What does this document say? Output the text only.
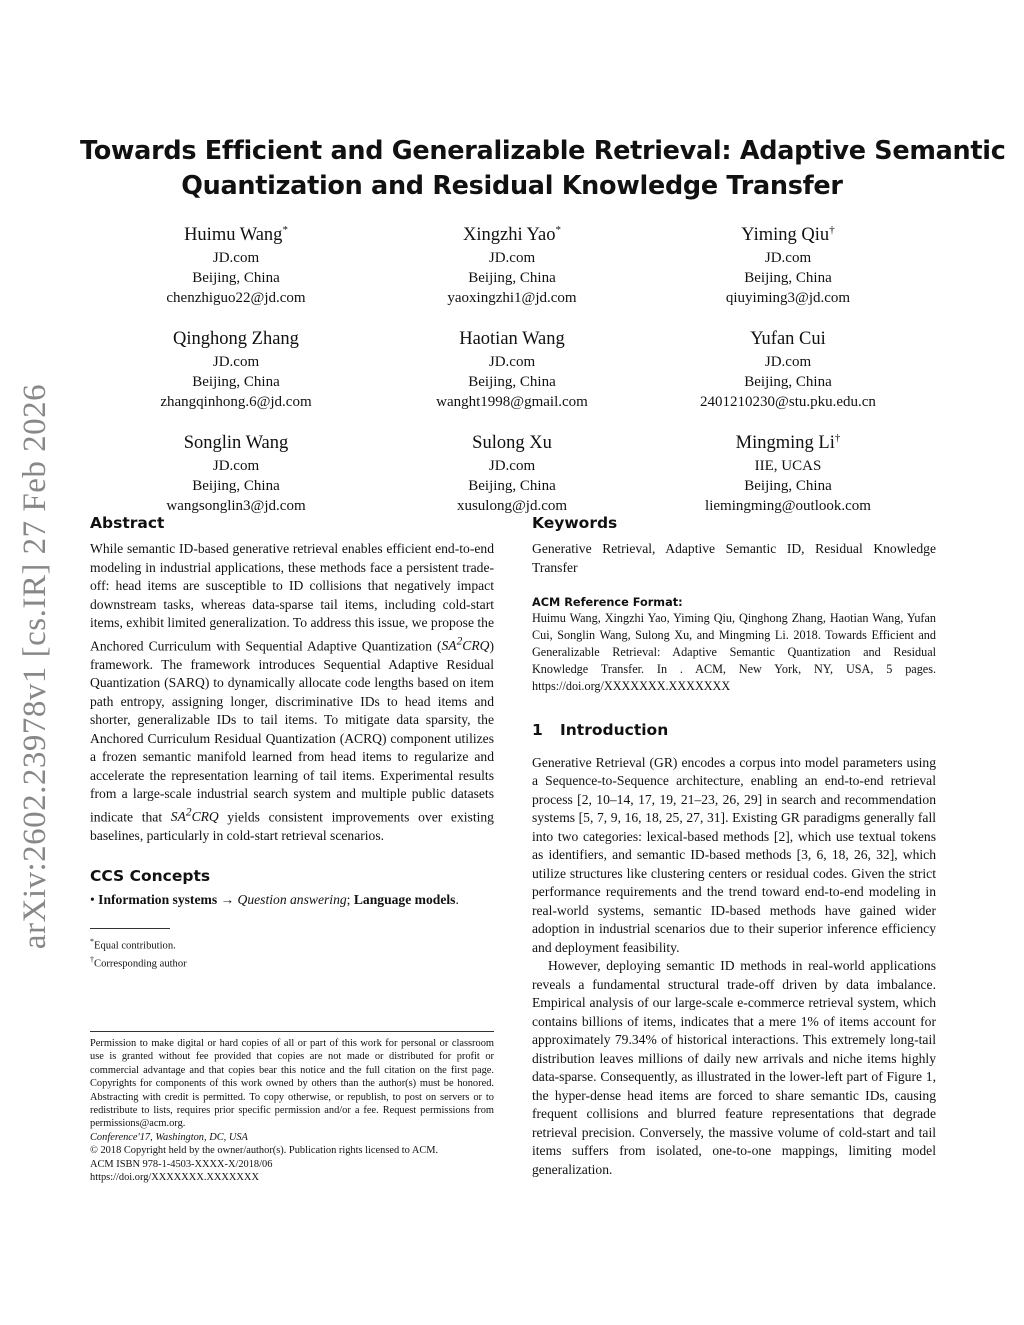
arXiv:2602.23978v1 [cs.IR] 27 Feb 2026
Towards Efficient and Generalizable Retrieval: Adaptive Semantic
Quantization and Residual Knowledge Transfer
Huimu Wang*
JD.com
Beijing, China
chenzhiguo22@jd.com
Xingzhi Yao*
JD.com
Beijing, China
yaoxingzhi1@jd.com
Yiming Qiu†
JD.com
Beijing, China
qiuyiming3@jd.com
Qinghong Zhang
JD.com
Beijing, China
zhangqinhong.6@jd.com
Haotian Wang
JD.com
Beijing, China
wanght1998@gmail.com
Yufan Cui
JD.com
Beijing, China
2401210230@stu.pku.edu.cn
Songlin Wang
JD.com
Beijing, China
wangsonglin3@jd.com
Sulong Xu
JD.com
Beijing, China
xusulong@jd.com
Mingming Li†
IIE, UCAS
Beijing, China
liemingming@outlook.com
Abstract

While semantic ID-based generative retrieval enables efficient end-to-end modeling in industrial applications, these methods face a persistent trade-off: head items are susceptible to ID collisions that negatively impact downstream tasks, whereas data-sparse tail items, including cold-start items, exhibit limited generalization. To address this issue, we propose the Anchored Curriculum with Sequential Adaptive Quantization $(SA^2CRQ)$ framework. The framework introduces Sequential Adaptive Residual Quantization (SARQ) to dynamically allocate code lengths based on item path entropy, assigning longer, discriminative IDs to head items and shorter, generalizable IDs to tail items. To mitigate data sparsity, the Anchored Curriculum Residual Quantization (ACRQ) component utilizes a frozen semantic manifold learned from head items to regularize and accelerate the representation learning of tail items. Experimental results from a large-scale industrial search system and multiple public datasets indicate that $SA^2CRQ$ yields consistent improvements over existing baselines, particularly in cold-start retrieval scenarios.

CCS Concepts
• Information systems → Question answering; Language models.
*Equal contribution.
†Corresponding author

Permission to make digital or hard copies of all or part of this work for personal or classroom use is granted without fee provided that copies are not made or distributed for profit or commercial advantage and that copies bear this notice and the full citation on the first page. Copyrights for components of this work owned by others than the author(s) must be honored. Abstracting with credit is permitted. To copy otherwise, or republish, to post on servers or to redistribute to lists, requires prior specific permission and/or a fee. Request permissions from permissions@acm.org.

Conference'17, Washington, DC, USA

© 2018 Copyright held by the owner/author(s). Publication rights licensed to ACM.

ACM ISBN 978-1-4503-XXXX-X/2018/06

https://doi.org/XXXXXXX.XXXXXXX

Keywords

Generative Retrieval, Adaptive Semantic ID, Residual Knowledge Transfer

ACM Reference Format:

Huimu Wang, Xingzhi Yao, Yiming Qiu, Qinghong Zhang, Haotian Wang, Yufan Cui, Songlin Wang, Sulong Xu, and Mingming Li. 2018. Towards Efficient and Generalizable Retrieval: Adaptive Semantic Quantization and Residual Knowledge Transfer. In . ACM, New York, NY, USA, 5 pages. https://doi.org/XXXXXXX.XXXXXXX

1 Introduction

Generative Retrieval (GR) encodes a corpus into model parameters using a Sequence-to-Sequence architecture, enabling an end-to-end retrieval process [2, 10–14, 17, 19, 21–23, 26, 29] in search and recommendation systems [5, 7, 9, 16, 18, 25, 27, 31]. Existing GR paradigms generally fall into two categories: lexical-based methods [2], which use textual tokens as identifiers, and semantic ID-based methods [3, 6, 18, 26, 32], which utilize structures like clustering centers or residual codes. Given the strict performance requirements and the trend toward end-to-end modeling in real-world systems, semantic ID-based methods have gained wider adoption in industrial scenarios due to their superior inference efficiency and deployment feasibility.

However, deploying semantic ID methods in real-world applications reveals a fundamental structural trade-off driven by data imbalance. Empirical analysis of our large-scale e-commerce retrieval system, which contains billions of items, indicates that a mere 1% of items account for approximately 79.34% of historical interactions. This extremely long-tail distribution leaves millions of daily new arrivals and niche items highly data-sparse. Consequently, as illustrated in the lower-left part of Figure 1, the hyper-dense head items are forced to share semantic IDs, causing frequent collisions and blurred feature representations that degrade retrieval precision. Conversely, the massive volume of cold-start and tail items suffers from isolated, one-to-one mappings, limiting model generalization.
